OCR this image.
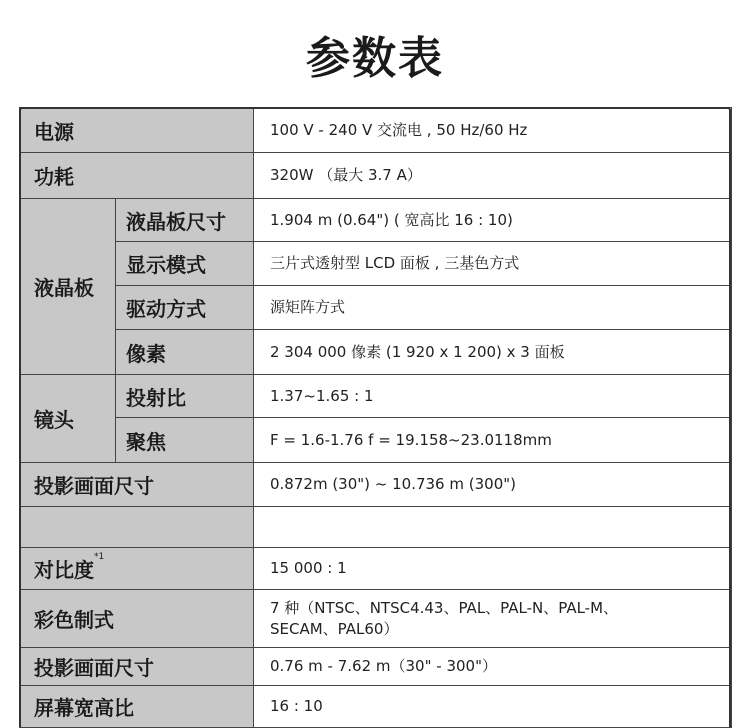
参数表
电源		100 V - 240 V 交流电 , 50 Hz/60 Hz
功耗		320W （最大 3.7 A）
液晶板	液晶板尺寸	1.904 m (0.64") ( 宽高比 16 : 10)
	显示模式	三片式透射型 LCD 面板 , 三基色方式
	驱动方式	源矩阵方式
	像素	2 304 000 像素 (1 920 x 1 200) x 3 面板
镜头	投射比	1.37~1.65 : 1
	聚焦	F = 1.6-1.76 f = 19.158~23.0118mm
投影画面尺寸		0.872m (30") ~ 10.736 m (300")

对比度$^{*1}$		15 000 : 1
彩色制式		7 种（NTSC、NTSC4.43、PAL、PAL-N、PAL-M、
SECAM、PAL60）
投影画面尺寸		0.76 m - 7.62 m（30" - 300"）
屏幕宽高比		16 : 10
